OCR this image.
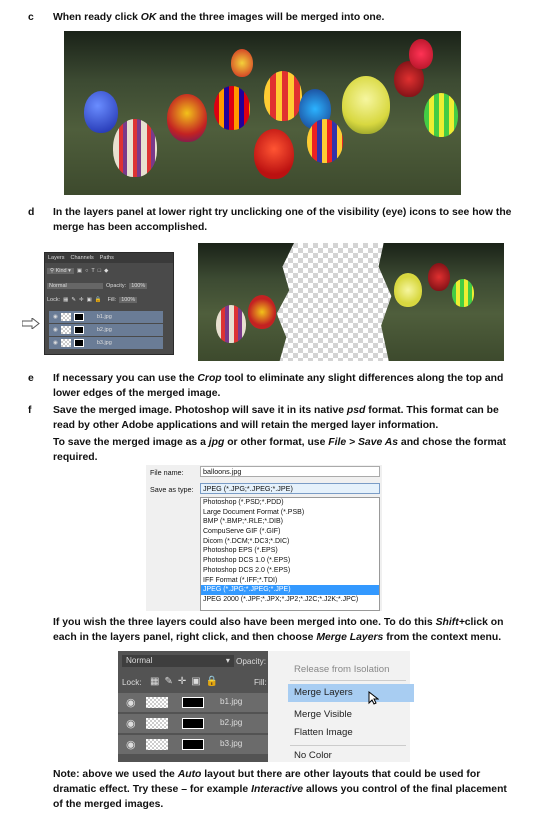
c	When ready click OK and the three images will be merged into one.
d	In the layers panel at lower right try unclicking one of the visibility (eye) icons to see how the merge has been accomplished.
Layers Channels Paths
⚲ Kind ▾	▣○T□◆
Normal	Opacity: 100%
Lock: ▦✎✛▣🔒 Fill: 100%
◉	b1.jpg
◉	b2.jpg
◉	b3.jpg
e	If necessary you can use the Crop tool to eliminate any slight differences along the top and lower edges of the merged image.
f	Save the merged image. Photoshop will save it in its native psd format. This format can be read by other Adobe applications and will retain the merged layer information.
To save the merged image as a jpg or other format, use File > Save As and chose the format required.
File name:	balloons.jpg
Save as type:	JPEG (*.JPG;*.JPEG;*.JPE)
Photoshop (*.PSD;*.PDD)
Large Document Format (*.PSB)
BMP (*.BMP;*.RLE;*.DIB)
CompuServe GIF (*.GIF)
Dicom (*.DCM;*.DC3;*.DIC)
Photoshop EPS (*.EPS)
Photoshop DCS 1.0 (*.EPS)
Photoshop DCS 2.0 (*.EPS)
IFF Format (*.IFF;*.TDI)
JPEG (*.JPG;*.JPEG;*.JPE)
JPEG 2000 (*.JPF;*.JPX;*.JP2;*.J2C;*.J2K;*.JPC)
If you wish the three layers could also have been merged into one. To do this Shift+click on each in the layers panel, right click, and then choose Merge Layers from the context menu.
Normal	▾ Opacity:
Lock: ▦✎✛▣🔒	Fill:
◉	b1.jpg
◉	b2.jpg
◉	b3.jpg
Release from Isolation
Merge Layers
Merge Visible
Flatten Image
No Color
Note: above we used the Auto layout but there are other layouts that could be used for dramatic effect. Try these – for example Interactive allows you control of the final placement of the merged images.
